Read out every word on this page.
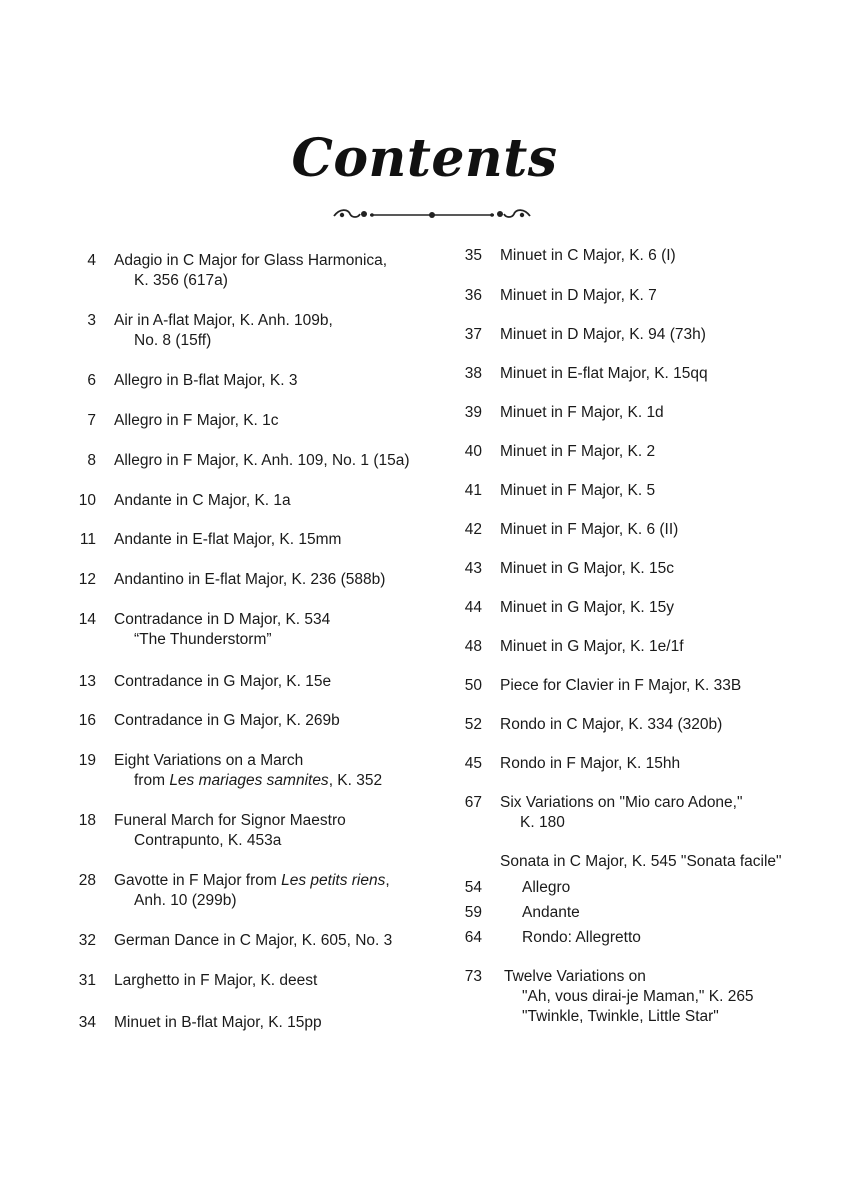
Contents
4 Adagio in C Major for Glass Harmonica,
K. 356 (617a)
3 Air in A-flat Major, K. Anh. 109b,
No. 8 (15ff)
6 Allegro in B-flat Major, K. 3
7 Allegro in F Major, K. 1c
8 Allegro in F Major, K. Anh. 109, No. 1 (15a)
10 Andante in C Major, K. 1a
11 Andante in E-flat Major, K. 15mm
12 Andantino in E-flat Major, K. 236 (588b)
14 Contradance in D Major, K. 534
“The Thunderstorm”
13 Contradance in G Major, K. 15e
16 Contradance in G Major, K. 269b
19 Eight Variations on a March
from Les mariages samnites, K. 352
18 Funeral March for Signor Maestro
Contrapunto, K. 453a
28 Gavotte in F Major from Les petits riens,
Anh. 10 (299b)
32 German Dance in C Major, K. 605, No. 3
31 Larghetto in F Major, K. deest
34 Minuet in B-flat Major, K. 15pp
35 Minuet in C Major, K. 6 (I)
36 Minuet in D Major, K. 7
37 Minuet in D Major, K. 94 (73h)
38 Minuet in E-flat Major, K. 15qq
39 Minuet in F Major, K. 1d
40 Minuet in F Major, K. 2
41 Minuet in F Major, K. 5
42 Minuet in F Major, K. 6 (II)
43 Minuet in G Major, K. 15c
44 Minuet in G Major, K. 15y
48 Minuet in G Major, K. 1e/1f
50 Piece for Clavier in F Major, K. 33B
52 Rondo in C Major, K. 334 (320b)
45 Rondo in F Major, K. 15hh
67 Six Variations on "Mio caro Adone,"
K. 180
Sonata in C Major, K. 545 "Sonata facile"
54	Allegro
59	Andante
64	Rondo: Allegretto
73 Twelve Variations on
"Ah, vous dirai-je Maman," K. 265
"Twinkle, Twinkle, Little Star"
